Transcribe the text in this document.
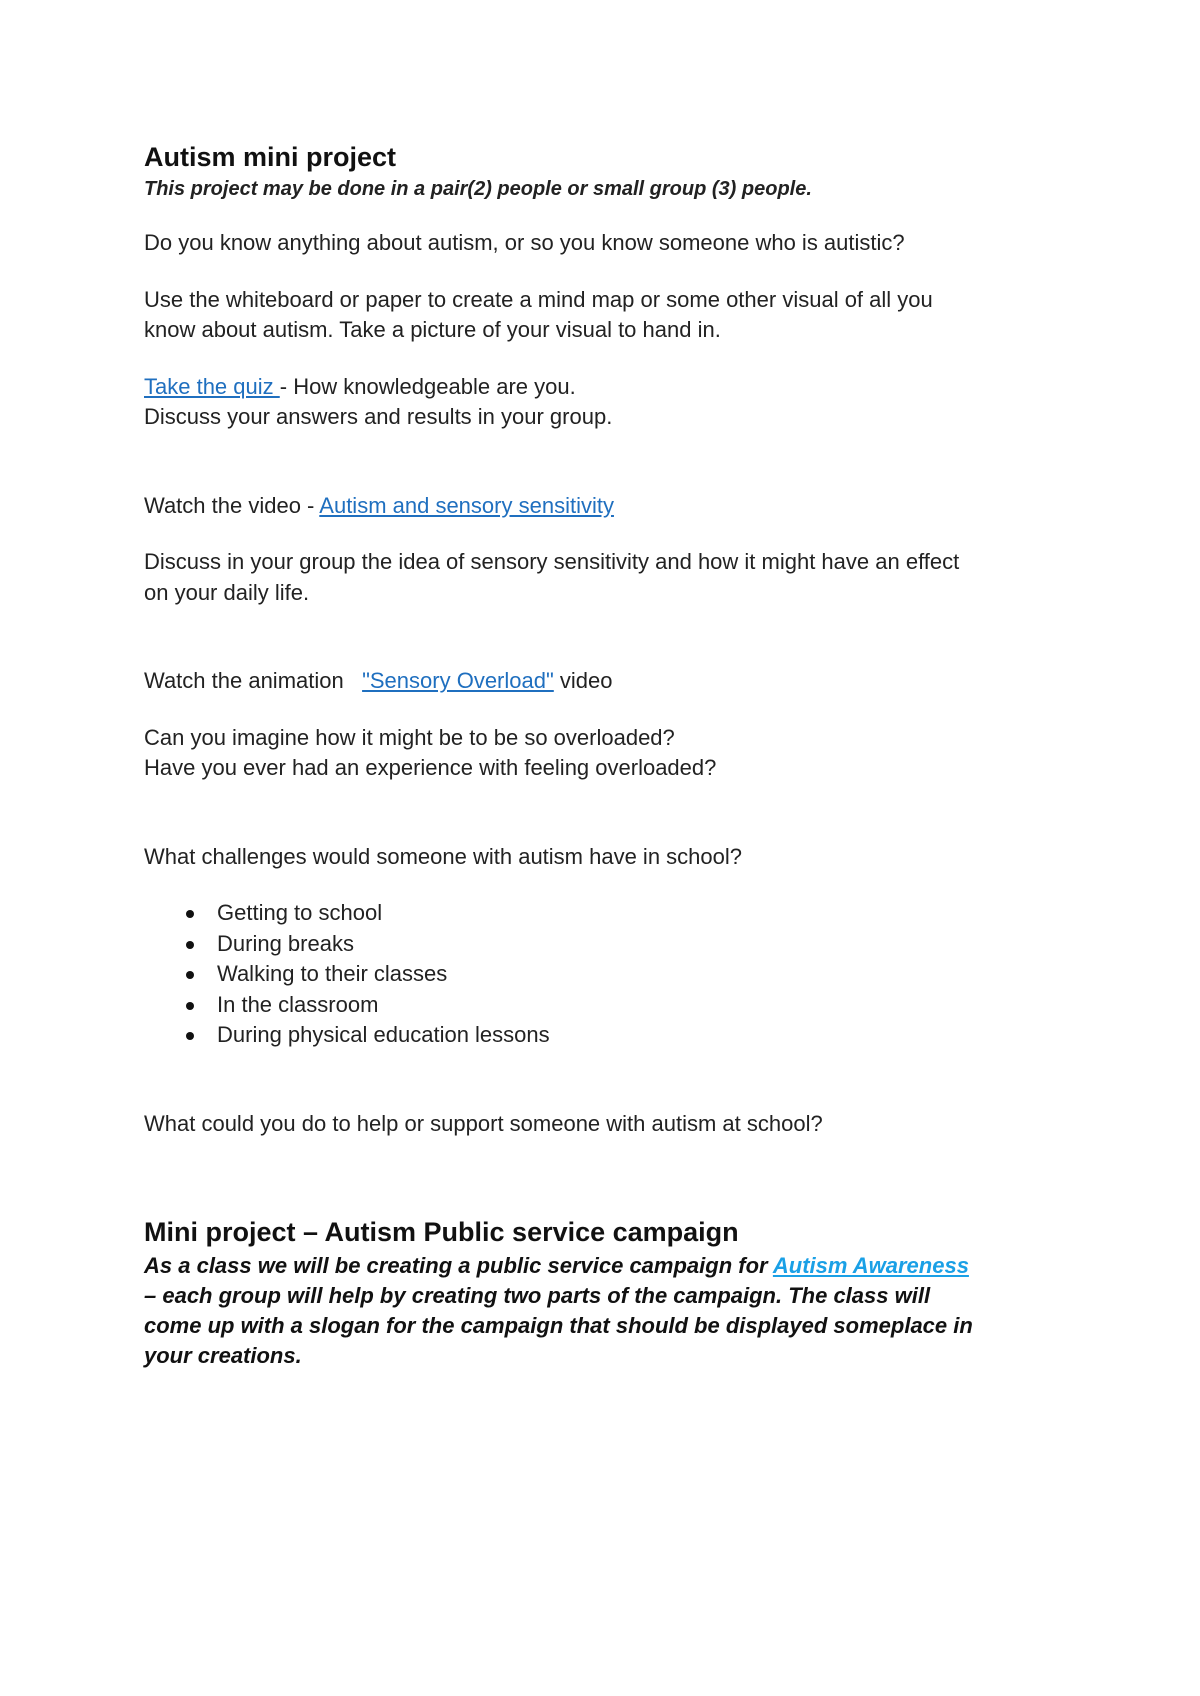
Autism mini project

This project may be done in a pair(2) people or small group (3) people.

Do you know anything about autism, or so you know someone who is autistic?

Use the whiteboard or paper to create a mind map or some other visual of all you
know about autism. Take a picture of your visual to hand in.

Take the quiz - How knowledgeable are you.

Discuss your answers and results in your group.

Watch the video - Autism and sensory sensitivity

Discuss in your group the idea of sensory sensitivity and how it might have an effect
on your daily life.

Watch the animation   "Sensory Overload" video

Can you imagine how it might be to be so overloaded?

Have you ever had an experience with feeling overloaded?

What challenges would someone with autism have in school?

Getting to school
During breaks
Walking to their classes
In the classroom
During physical education lessons

What could you do to help or support someone with autism at school?

Mini project – Autism Public service campaign

As a class we will be creating a public service campaign for Autism Awareness
– each group will help by creating two parts of the campaign. The class will
come up with a slogan for the campaign that should be displayed someplace in
your creations.
